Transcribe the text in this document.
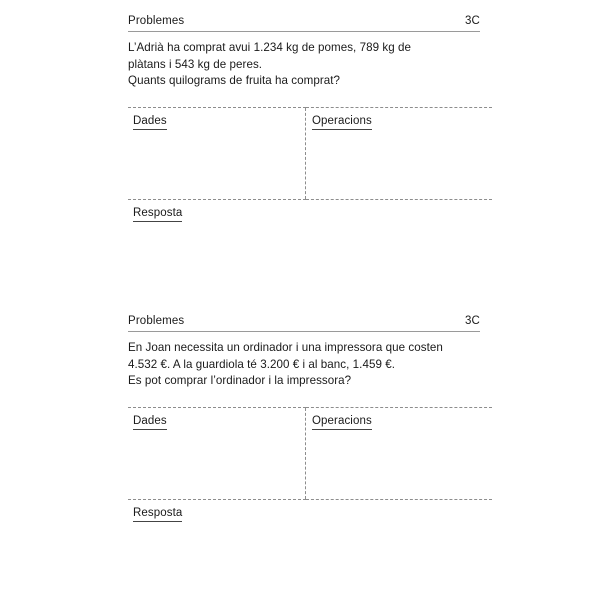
Problemes	3C
L’Adrià ha comprat avui 1.234 kg de pomes, 789 kg de
plàtans i 543 kg de peres.
Quants quilograms de fruita ha comprat?
Dades	Operacions

Resposta
Problemes	3C
En Joan necessita un ordinador i una impressora que costen
4.532 €. A la guardiola té 3.200 € i al banc, 1.459 €.
Es pot comprar l’ordinador i la impressora?
Dades	Operacions

Resposta
